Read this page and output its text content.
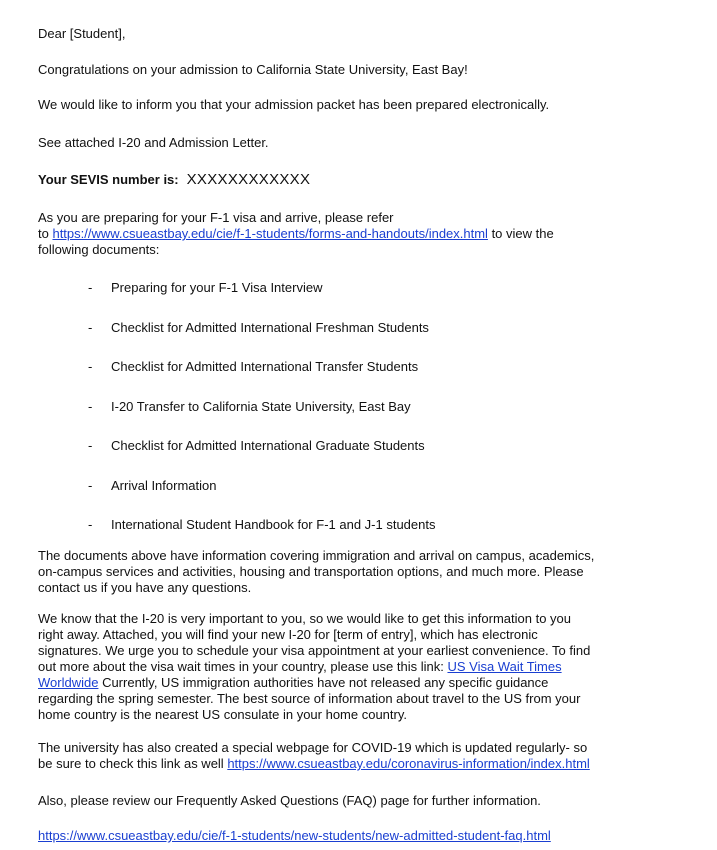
Dear [Student],

Congratulations on your admission to California State University, East Bay!

We would like to inform you that your admission packet has been prepared electronically.

See attached I-20 and Admission Letter.

Your SEVIS number is: XXXXXXXXXXXX

As you are preparing for your F-1 visa and arrive, please refer

to https://www.csueastbay.edu/cie/f-1-students/forms-and-handouts/index.html to view the

following documents:

- Preparing for your F-1 Visa Interview
- Checklist for Admitted International Freshman Students
- Checklist for Admitted International Transfer Students
- I-20 Transfer to California State University, East Bay
- Checklist for Admitted International Graduate Students
- Arrival Information
- International Student Handbook for F-1 and J-1 students

The documents above have information covering immigration and arrival on campus, academics,

on-campus services and activities, housing and transportation options, and much more. Please

contact us if you have any questions.

We know that the I-20 is very important to you, so we would like to get this information to you

right away. Attached, you will find your new I-20 for [term of entry], which has electronic

signatures. We urge you to schedule your visa appointment at your earliest convenience. To find

out more about the visa wait times in your country, please use this link: US Visa Wait Times

Worldwide Currently, US immigration authorities have not released any specific guidance

regarding the spring semester. The best source of information about travel to the US from your

home country is the nearest US consulate in your home country.

The university has also created a special webpage for COVID-19 which is updated regularly- so

be sure to check this link as well https://www.csueastbay.edu/coronavirus-information/index.html

Also, please review our Frequently Asked Questions (FAQ) page for further information.

https://www.csueastbay.edu/cie/f-1-students/new-students/new-admitted-student-faq.html
